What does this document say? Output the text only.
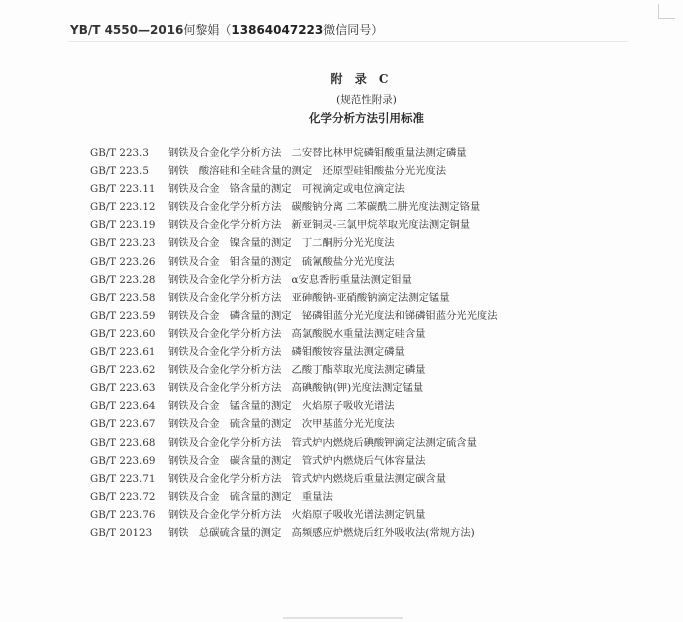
YB/T 4550—2016何黎娟（13864047223微信同号）
附 录 C
(规范性附录)
化学分析方法引用标准
GB/T 223.3 钢铁及合金化学分析方法　二安替比林甲烷磷钼酸重量法测定磷量
GB/T 223.5 钢铁　酸溶硅和全硅含量的测定　还原型硅钼酸盐分光光度法
GB/T 223.11 钢铁及合金　铬含量的测定　可视滴定或电位滴定法
GB/T 223.12 钢铁及合金化学分析方法　碳酸钠分离 二苯碳酰二肼光度法测定铬量
GB/T 223.19 钢铁及合金化学分析方法　新亚铜灵-三氯甲烷萃取光度法测定铜量
GB/T 223.23 钢铁及合金　镍含量的测定　丁二酮肟分光光度法
GB/T 223.26 钢铁及合金　钼含量的测定　硫氰酸盐分光光度法
GB/T 223.28 钢铁及合金化学分析方法　α安息香肟重量法测定钼量
GB/T 223.58 钢铁及合金化学分析方法　亚砷酸钠-亚硝酸钠滴定法测定锰量
GB/T 223.59 钢铁及合金　磷含量的测定　铋磷钼蓝分光光度法和锑磷钼蓝分光光度法
GB/T 223.60 钢铁及合金化学分析方法　高氯酸脱水重量法测定硅含量
GB/T 223.61 钢铁及合金化学分析方法　磷钼酸铵容量法测定磷量
GB/T 223.62 钢铁及合金化学分析方法　乙酸丁酯萃取光度法测定磷量
GB/T 223.63 钢铁及合金化学分析方法　高碘酸钠(钾)光度法测定锰量
GB/T 223.64 钢铁及合金　锰含量的测定　火焰原子吸收光谱法
GB/T 223.67 钢铁及合金　硫含量的测定　次甲基蓝分光光度法
GB/T 223.68 钢铁及合金化学分析方法　管式炉内燃烧后碘酸钾滴定法测定硫含量
GB/T 223.69 钢铁及合金　碳含量的测定　管式炉内燃烧后气体容量法
GB/T 223.71 钢铁及合金化学分析方法　管式炉内燃烧后重量法测定碳含量
GB/T 223.72 钢铁及合金　硫含量的测定　重量法
GB/T 223.76 钢铁及合金化学分析方法　火焰原子吸收光谱法测定钒量
GB/T 20123 钢铁　总碳硫含量的测定　高频感应炉燃烧后红外吸收法(常规方法)
